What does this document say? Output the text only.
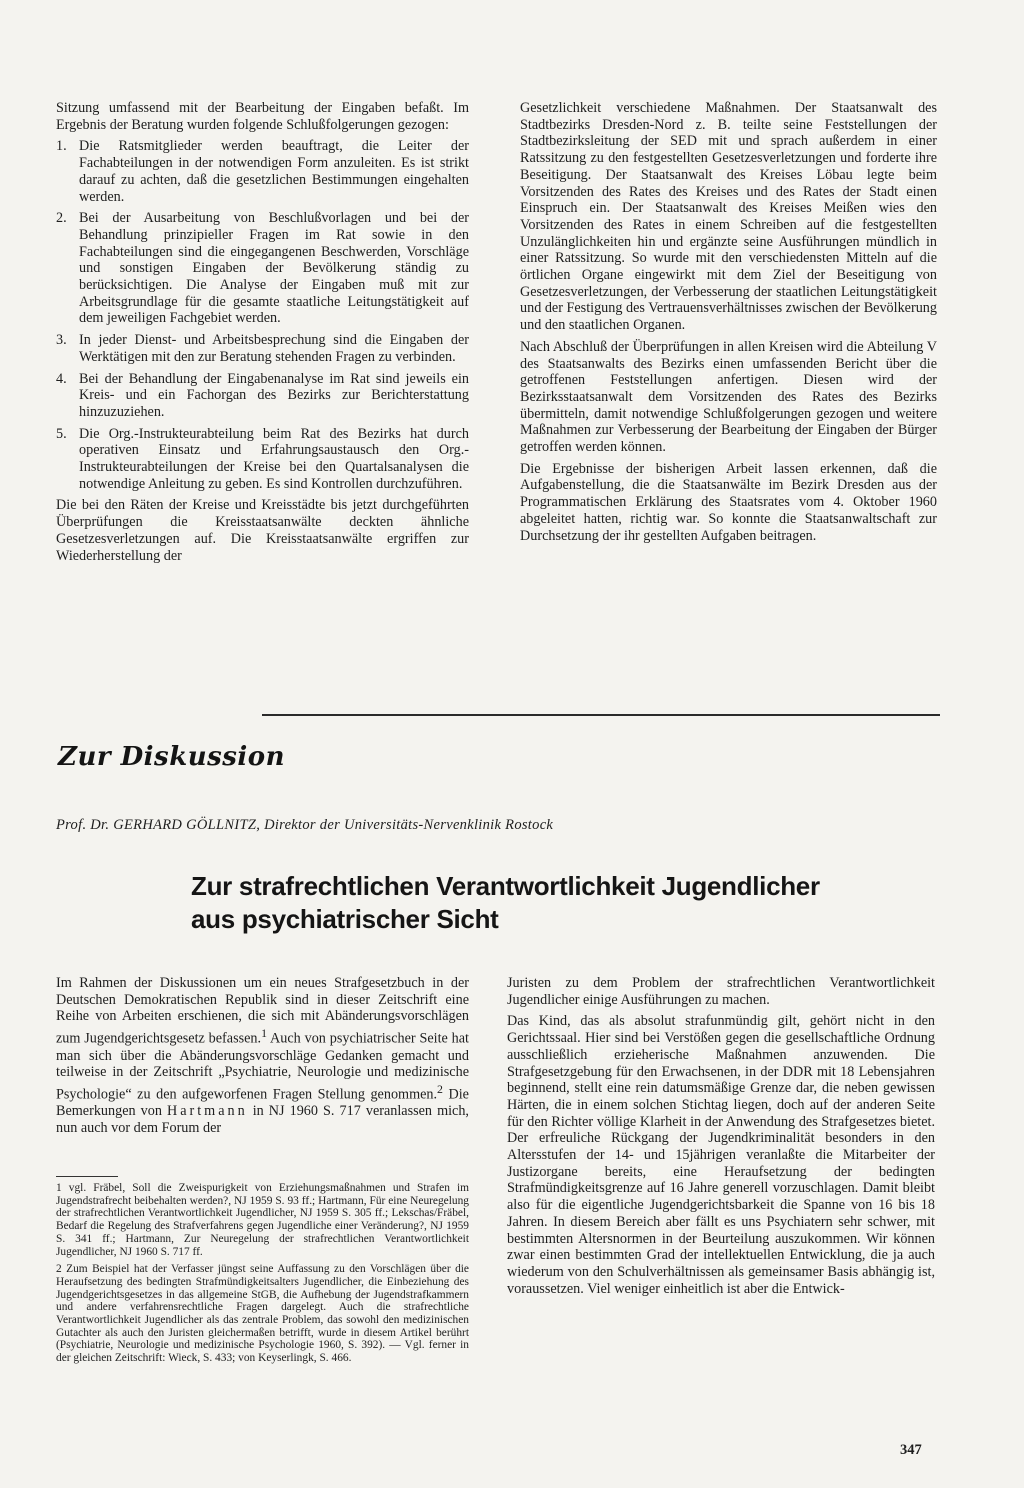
Sitzung umfassend mit der Bearbeitung der Eingaben befaßt. Im Ergebnis der Beratung wurden folgende Schlußfolgerungen gezogen:

1. Die Ratsmitglieder werden beauftragt, die Leiter der Fachabteilungen in der notwendigen Form anzuleiten. Es ist strikt darauf zu achten, daß die gesetzlichen Bestimmungen eingehalten werden.
2. Bei der Ausarbeitung von Beschlußvorlagen und bei der Behandlung prinzipieller Fragen im Rat sowie in den Fachabteilungen sind die eingegangenen Beschwerden, Vorschläge und sonstigen Eingaben der Bevölkerung ständig zu berücksichtigen. Die Analyse der Eingaben muß mit zur Arbeitsgrundlage für die gesamte staatliche Leitungstätigkeit auf dem jeweiligen Fachgebiet werden.
3. In jeder Dienst- und Arbeitsbesprechung sind die Eingaben der Werktätigen mit den zur Beratung stehenden Fragen zu verbinden.
4. Bei der Behandlung der Eingabenanalyse im Rat sind jeweils ein Kreis- und ein Fachorgan des Bezirks zur Berichterstattung hinzuzuziehen.
5. Die Org.-Instrukteurabteilung beim Rat des Bezirks hat durch operativen Einsatz und Erfahrungsaustausch den Org.-Instrukteurabteilungen der Kreise bei den Quartalsanalysen die notwendige Anleitung zu geben. Es sind Kontrollen durchzuführen.

Die bei den Räten der Kreise und Kreisstädte bis jetzt durchgeführten Überprüfungen die Kreisstaatsanwälte deckten ähnliche Gesetzesverletzungen auf. Die Kreisstaatsanwälte ergriffen zur Wiederherstellung der

Gesetzlichkeit verschiedene Maßnahmen. Der Staatsanwalt des Stadtbezirks Dresden-Nord z. B. teilte seine Feststellungen der Stadtbezirksleitung der SED mit und sprach außerdem in einer Ratssitzung zu den festgestellten Gesetzesverletzungen und forderte ihre Beseitigung. Der Staatsanwalt des Kreises Löbau legte beim Vorsitzenden des Rates des Kreises und des Rates der Stadt einen Einspruch ein. Der Staatsanwalt des Kreises Meißen wies den Vorsitzenden des Rates in einem Schreiben auf die festgestellten Unzulänglichkeiten hin und ergänzte seine Ausführungen mündlich in einer Ratssitzung. So wurde mit den verschiedensten Mitteln auf die örtlichen Organe eingewirkt mit dem Ziel der Beseitigung von Gesetzesverletzungen, der Verbesserung der staatlichen Leitungstätigkeit und der Festigung des Vertrauensverhältnisses zwischen der Bevölkerung und den staatlichen Organen.

Nach Abschluß der Überprüfungen in allen Kreisen wird die Abteilung V des Staatsanwalts des Bezirks einen umfassenden Bericht über die getroffenen Feststellungen anfertigen. Diesen wird der Bezirksstaatsanwalt dem Vorsitzenden des Rates des Bezirks übermitteln, damit notwendige Schlußfolgerungen gezogen und weitere Maßnahmen zur Verbesserung der Bearbeitung der Eingaben der Bürger getroffen werden können.

Die Ergebnisse der bisherigen Arbeit lassen erkennen, daß die Aufgabenstellung, die die Staatsanwälte im Bezirk Dresden aus der Programmatischen Erklärung des Staatsrates vom 4. Oktober 1960 abgeleitet hatten, richtig war. So konnte die Staatsanwaltschaft zur Durchsetzung der ihr gestellten Aufgaben beitragen.

Zur Diskussion
Prof. Dr. GERHARD GÖLLNITZ, Direktor der Universitäts-Nervenklinik Rostock
Zur strafrechtlichen Verantwortlichkeit Jugendlicher
aus psychiatrischer Sicht

Im Rahmen der Diskussionen um ein neues Strafgesetzbuch in der Deutschen Demokratischen Republik sind in dieser Zeitschrift eine Reihe von Arbeiten erschienen, die sich mit Abänderungsvorschlägen zum Jugendgerichtsgesetz befassen.$^1$ Auch von psychiatrischer Seite hat man sich über die Abänderungsvorschläge Gedanken gemacht und teilweise in der Zeitschrift „Psychiatrie, Neurologie und medizinische Psychologie“ zu den aufgeworfenen Fragen Stellung genommen.$^2$ Die Bemerkungen von Hartmann in NJ 1960 S. 717 veranlassen mich, nun auch vor dem Forum der

1 vgl. Fräbel, Soll die Zweispurigkeit von Erziehungsmaßnahmen und Strafen im Jugendstrafrecht beibehalten werden?, NJ 1959 S. 93 ff.; Hartmann, Für eine Neuregelung der strafrechtlichen Verantwortlichkeit Jugendlicher, NJ 1959 S. 305 ff.; Lekschas/Fräbel, Bedarf die Regelung des Strafverfahrens gegen Jugendliche einer Veränderung?, NJ 1959 S. 341 ff.; Hartmann, Zur Neuregelung der strafrechtlichen Verantwortlichkeit Jugendlicher, NJ 1960 S. 717 ff.

2 Zum Beispiel hat der Verfasser jüngst seine Auffassung zu den Vorschlägen über die Heraufsetzung des bedingten Strafmündigkeitsalters Jugendlicher, die Einbeziehung des Jugendgerichtsgesetzes in das allgemeine StGB, die Aufhebung der Jugendstrafkammern und andere verfahrensrechtliche Fragen dargelegt. Auch die strafrechtliche Verantwortlichkeit Jugendlicher als das zentrale Problem, das sowohl den medizinischen Gutachter als auch den Juristen gleichermaßen betrifft, wurde in diesem Artikel berührt (Psychiatrie, Neurologie und medizinische Psychologie 1960, S. 392). — Vgl. ferner in der gleichen Zeitschrift: Wieck, S. 433; von Keyserlingk, S. 466.

Juristen zu dem Problem der strafrechtlichen Verantwortlichkeit Jugendlicher einige Ausführungen zu machen.

Das Kind, das als absolut strafunmündig gilt, gehört nicht in den Gerichtssaal. Hier sind bei Verstößen gegen die gesellschaftliche Ordnung ausschließlich erzieherische Maßnahmen anzuwenden. Die Strafgesetzgebung für den Erwachsenen, in der DDR mit 18 Lebensjahren beginnend, stellt eine rein datumsmäßige Grenze dar, die neben gewissen Härten, die in einem solchen Stichtag liegen, doch auf der anderen Seite für den Richter völlige Klarheit in der Anwendung des Strafgesetzes bietet. Der erfreuliche Rückgang der Jugendkriminalität besonders in den Altersstufen der 14- und 15jährigen veranlaßte die Mitarbeiter der Justizorgane bereits, eine Heraufsetzung der bedingten Strafmündigkeitsgrenze auf 16 Jahre generell vorzuschlagen. Damit bleibt also für die eigentliche Jugendgerichtsbarkeit die Spanne von 16 bis 18 Jahren. In diesem Bereich aber fällt es uns Psychiatern sehr schwer, mit bestimmten Altersnormen in der Beurteilung auszukommen. Wir können zwar einen bestimmten Grad der intellektuellen Entwicklung, die ja auch wiederum von den Schulverhältnissen als gemeinsamer Basis abhängig ist, voraussetzen. Viel weniger einheitlich ist aber die Entwick-

347
